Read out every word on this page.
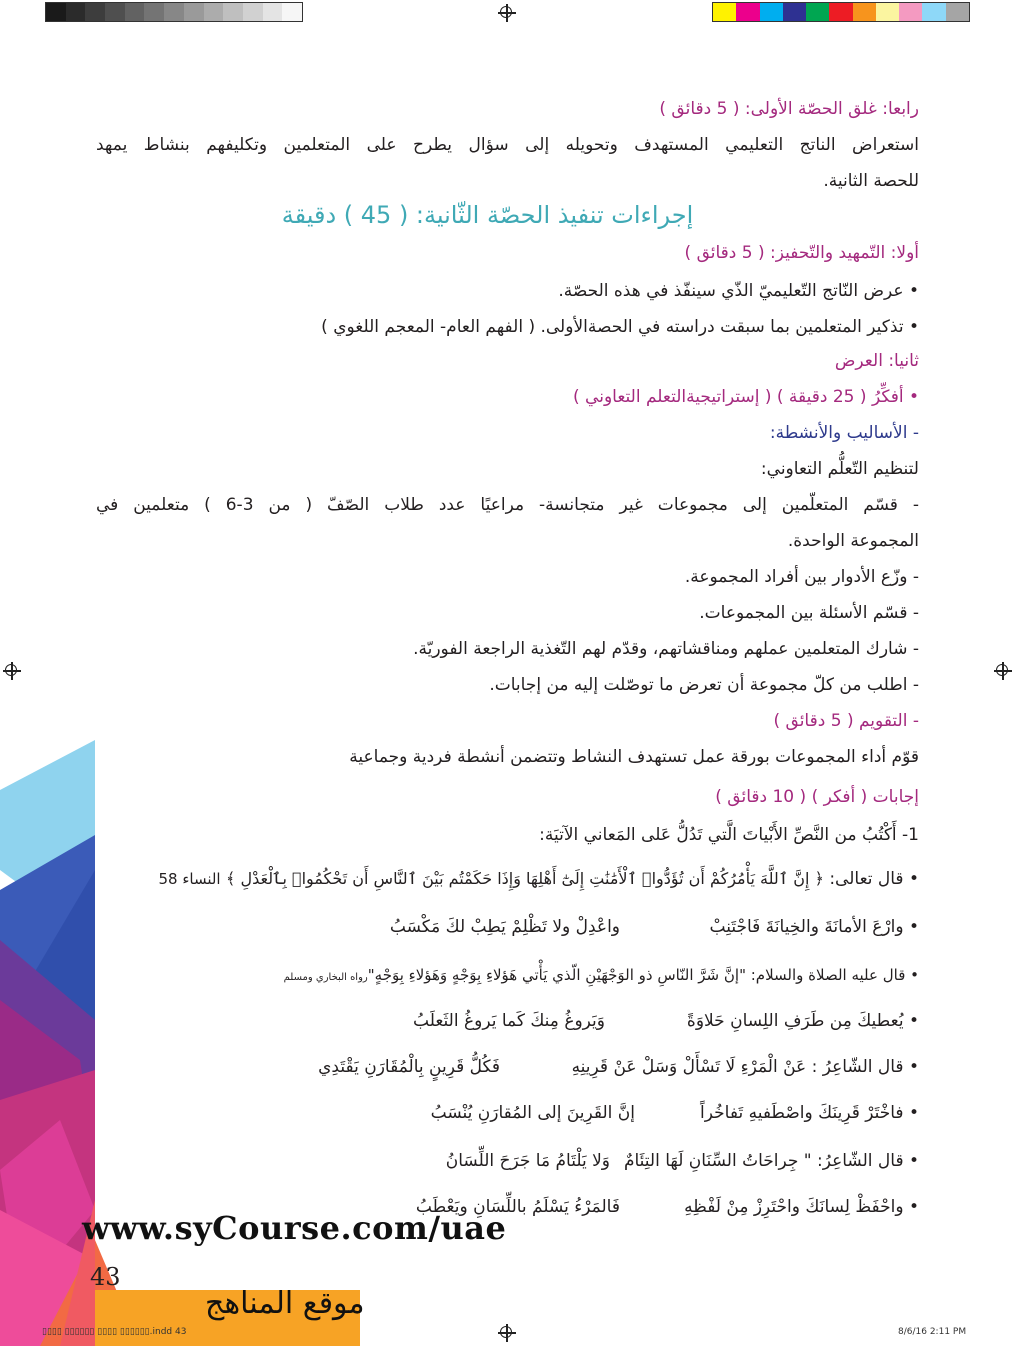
رابعا: غلق الحصّة الأولى: ( 5 دقائق )
استعراض الناتج التعليمي المستهدف وتحويله إلى سؤال يطرح على المتعلمين وتكليفهم بنشاط يمهد
للحصة الثانية.
إجراءات تنفيذ الحصّة الثّانية: ( 45 ) دقيقة
أولا: التّمهيد والتّحفيز: ( 5 دقائق )
• عرض النّاتج التّعليميّ الذّي سينفّذ في هذه الحصّة.
• تذكير المتعلمين بما سبقت دراسته في الحصةالأولى. ( الفهم العام- المعجم اللغوي )
ثانيا: العرض
• أفكِّرُ ( 25 دقيقة ) ( إستراتيجيةالتعلم التعاوني )
- الأساليب والأنشطة:
لتنظيم التّعلُّم التعاوني:
- قسّم المتعلّمين إلى مجموعات غير متجانسة- مراعيًا عدد طلاب الصّفّ ( من 3-6 ) متعلمين في
المجموعة الواحدة.
- وزّع الأدوار بين أفراد المجموعة.
- قسّم الأسئلة بين المجموعات.
- شارك المتعلمين عملهم ومناقشاتهم، وقدّم لهم التّغذية الراجعة الفوريّة.
- اطلب من كلّ مجموعة أن تعرض ما توصّلت إليه من إجابات.
- التقويم ( 5 دقائق )
قوّم أداء المجموعات بورقة عمل تستهدف النشاط وتتضمن أنشطة فردية وجماعية
إجابات ( أفكر ) ( 10 دقائق )
1- أَكْتُبُ من النَّصِّ الأَبْياتَ الَّتي تَدُلُّ عَلى المَعاني الآتيَة:
• قال تعالى: ﴿ إِنَّ ٱللَّهَ يَأْمُرُكُمْ أَن تُؤَدُّوا۟ ٱلْأَمَٰنَٰتِ إِلَىٰٓ أَهْلِهَا وَإِذَا حَكَمْتُم بَيْنَ ٱلنَّاسِ أَن تَحْكُمُوا۟ بِٱلْعَدْلِ ﴾ النساء 58
• وارْعَ الأمانَةَ والخِيانَةَ فَاجْتَنِبْ
واعْدِلْ ولا تَظْلِمْ يَطِبْ لكَ مَكْسَبُ
• قال عليه الصلاة والسلام: "إنَّ شَرَّ النّاسِ ذو الوَجْهَيْنِ الّذي يَأْتي هَؤلاءِ بِوَجْهٍ وَهَؤلاءِ بِوَجْهٍ"رواه البخاري ومسلم
• يُعطيكَ مِن طَرَفِ اللِسانِ حَلاوَةً
وَيَروغُ مِنكَ كَما يَروغُ الثَعلَبُ
• قال الشّاعِرُ : عَنْ الْمَرْءِ لَا تَسْأَلْ وَسَلْ عَنْ قَرِينِهِ
فَكُلُّ قَرِينٍ بِالْمُقَارَنِ يَقْتَدِي
• فاخْتَرْ قَرِينَكَ واصْطَفيهِ تَفاخُراً
إنَّ القَرِينَ إلى المُقارَنِ يُنْسَبُ
• قال الشّاعِرُ: " جِراحَاتُ السِّنَانِ لَهَا التِئَامٌ
وَلا يَلْتَامُ مَا جَرَحَ اللِّسَانُ
• واحْفَظْ لِسانَكَ واحْتَرِزْ مِنْ لَفْظِهِ
فَالمَرْءُ يَسْلَمُ باللِّسَانِ ويَعْطَبُ
www.syCourse.com/uae
موقع المناهج
43
▯▯▯▯ ▯▯▯▯▯▯ ▯▯▯▯ ▯▯▯▯▯▯.indd 43	8/6/16 2:11 PM
